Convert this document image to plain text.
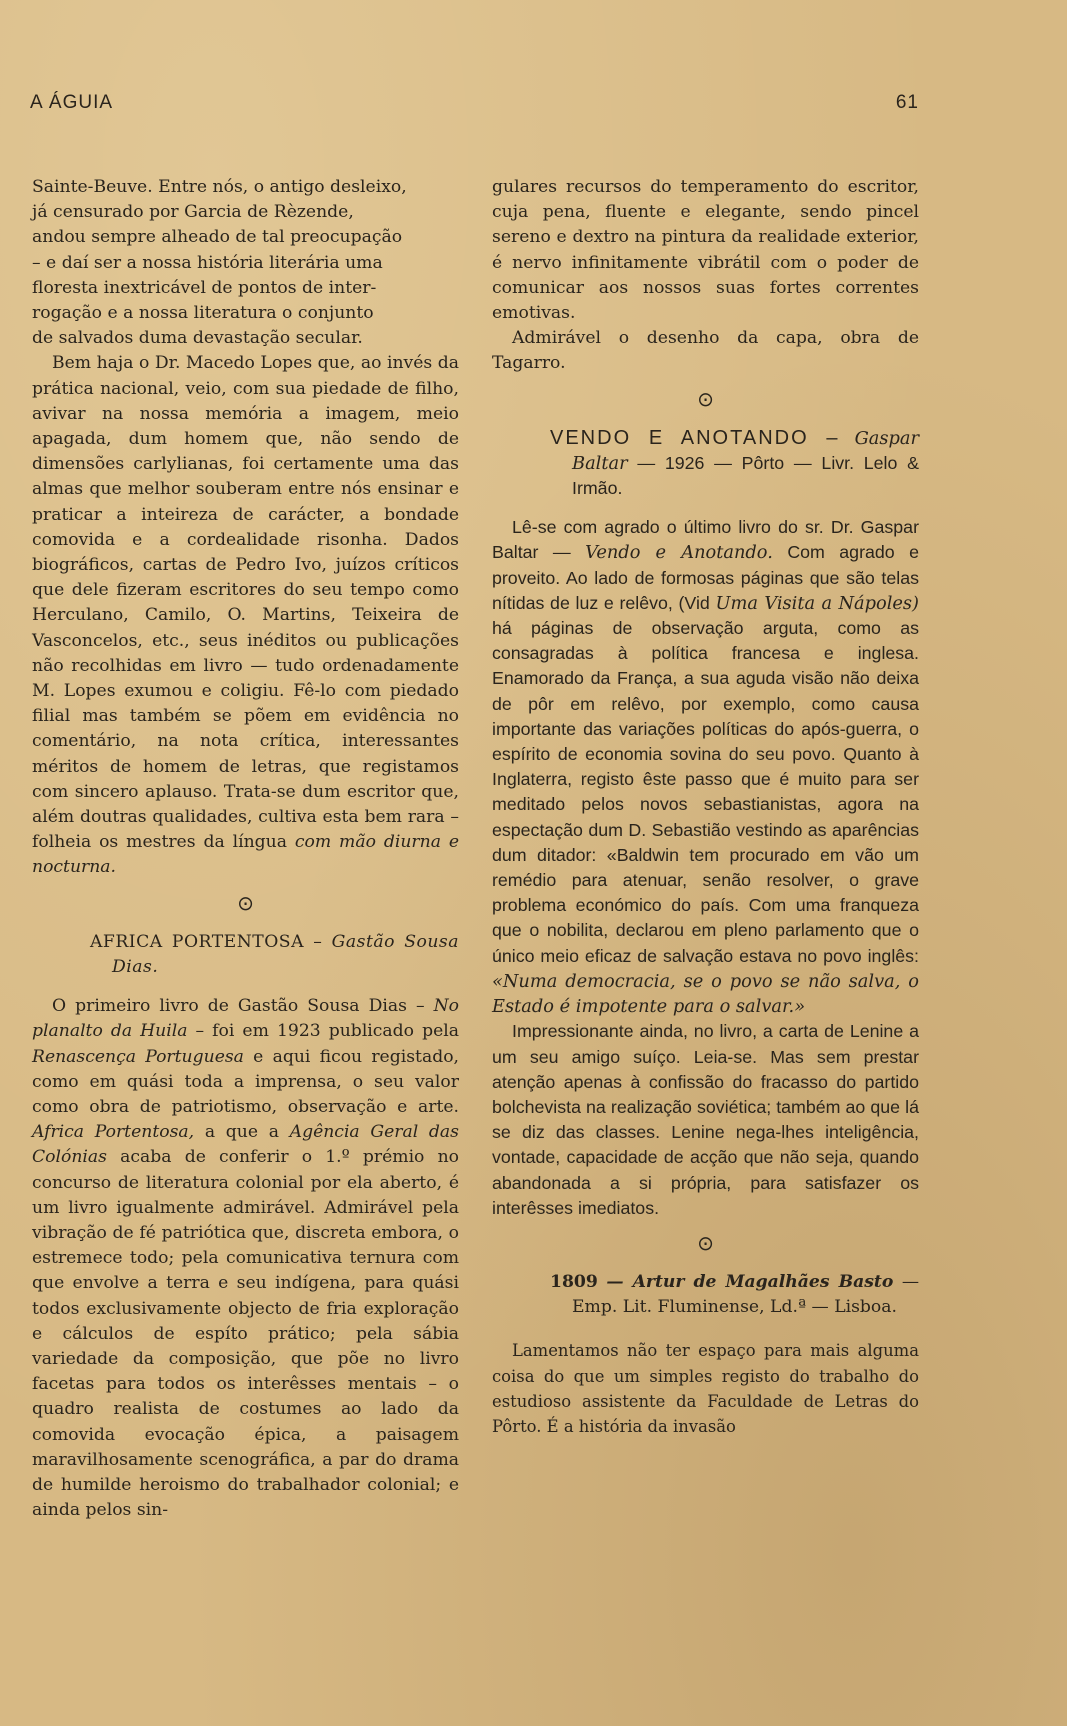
A ÁGUIA	61

Sainte-Beuve. Entre nós, o antigo desleixo,
já censurado por Garcia de Rèzende,
andou sempre alheado de tal preocupação
– e daí ser a nossa história literária uma
floresta inextricável de pontos de inter-
rogação e a nossa literatura o conjunto
de salvados duma devastação secular.

Bem haja o Dr. Macedo Lopes que, ao invés da prática nacional, veio, com sua piedade de filho, avivar na nossa memória a imagem, meio apagada, dum homem que, não sendo de dimensões carlylianas, foi certamente uma das almas que melhor souberam entre nós ensinar e praticar a inteireza de carácter, a bondade comovida e a cordealidade risonha. Dados biográficos, cartas de Pedro Ivo, juízos críticos que dele fizeram escritores do seu tempo como Herculano, Camilo, O. Martins, Teixeira de Vasconcelos, etc., seus inéditos ou publicações não recolhidas em livro — tudo ordenadamente M. Lopes exumou e coligiu. Fê-lo com piedado filial mas também se põem em evidência no comentário, na nota crítica, interessantes méritos de homem de letras, que registamos com sincero aplauso. Trata-se dum escritor que, além doutras qualidades, cultiva esta bem rara – folheia os mestres da língua com mão diurna e nocturna.

⊙

AFRICA PORTENTOSA – Gastão Sousa Dias.

O primeiro livro de Gastão Sousa Dias – No planalto da Huila – foi em 1923 publicado pela Renascença Portuguesa e aqui ficou registado, como em quási toda a imprensa, o seu valor como obra de patriotismo, observação e arte. Africa Portentosa, a que a Agência Geral das Colónias acaba de conferir o 1.º prémio no concurso de literatura colonial por ela aberto, é um livro igualmente admirável. Admirável pela vibração de fé patriótica que, discreta embora, o estremece todo; pela comunicativa ternura com que envolve a terra e seu indígena, para quási todos exclusivamente objecto de fria exploração e cálculos de espíto prático; pela sábia variedade da composição, que põe no livro facetas para todos os interêsses mentais – o quadro realista de costumes ao lado da comovida evocação épica, a paisagem maravilhosamente scenográfica, a par do drama de humilde heroismo do trabalhador colonial; e ainda pelos sin-

gulares recursos do temperamento do escritor, cuja pena, fluente e elegante, sendo pincel sereno e dextro na pintura da realidade exterior, é nervo infinitamente vibrátil com o poder de comunicar aos nossos suas fortes correntes emotivas.

Admirável o desenho da capa, obra de Tagarro.

⊙

VENDO E ANOTANDO – Gaspar Baltar — 1926 — Pôrto — Livr. Lelo & Irmão.

Lê-se com agrado o último livro do sr. Dr. Gaspar Baltar — Vendo e Anotando. Com agrado e proveito. Ao lado de formosas páginas que são telas nítidas de luz e relêvo, (Vid Uma Visita a Nápoles) há páginas de observação arguta, como as consagradas à política francesa e inglesa. Enamorado da França, a sua aguda visão não deixa de pôr em relêvo, por exemplo, como causa importante das variações políticas do após-guerra, o espírito de economia sovina do seu povo. Quanto à Inglaterra, registo êste passo que é muito para ser meditado pelos novos sebastianistas, agora na espectação dum D. Sebastião vestindo as aparências dum ditador: «Baldwin tem procurado em vão um remédio para atenuar, senão resolver, o grave problema económico do país. Com uma franqueza que o nobilita, declarou em pleno parlamento que o único meio eficaz de salvação estava no povo inglês: «Numa democracia, se o povo se não salva, o Estado é impotente para o salvar.»

Impressionante ainda, no livro, a carta de Lenine a um seu amigo suíço. Leia-se. Mas sem prestar atenção apenas à confissão do fracasso do partido bolchevista na realização soviética; também ao que lá se diz das classes. Lenine nega-lhes inteligência, vontade, capacidade de acção que não seja, quando abandonada a si própria, para satisfazer os interêsses imediatos.

⊙

1809 — Artur de Magalhães Basto — Emp. Lit. Fluminense, Ld.ª — Lisboa.

Lamentamos não ter espaço para mais alguma coisa do que um simples registo do trabalho do estudioso assistente da Faculdade de Letras do Pôrto. É a história da invasão
